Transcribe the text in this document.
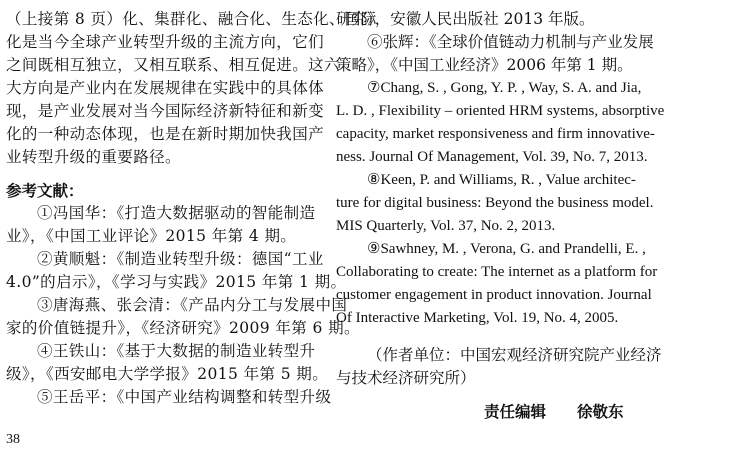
（上接第 8 页）化、集群化、融合化、生态化、国际
化是当今全球产业转型升级的主流方向，它们
之间既相互独立，又相互联系、相互促进。这六
大方向是产业内在发展规律在实践中的具体体
现，是产业发展对当今国际经济新特征和新变
化的一种动态体现，也是在新时期加快我国产
业转型升级的重要路径。
参考文献：
①冯国华：《打造大数据驱动的智能制造
业》，《中国工业评论》2015 年第 4 期。
②黄顺魁：《制造业转型升级：德国“工业
4.0”的启示》，《学习与实践》2015 年第 1 期。
③唐海燕、张会清：《产品内分工与发展中国
家的价值链提升》，《经济研究》2009 年第 6 期。
④王铁山：《基于大数据的制造业转型升
级》，《西安邮电大学学报》2015 年第 5 期。
⑤王岳平：《中国产业结构调整和转型升级
研究》，安徽人民出版社 2013 年版。
⑥张辉：《全球价值链动力机制与产业发展
策略》，《中国工业经济》2006 年第 1 期。
⑦Chang, S. , Gong, Y. P. , Way, S. A. and Jia,
L. D. , Flexibility – oriented HRM systems, absorptive
capacity, market responsiveness and firm innovative-
ness. Journal Of Management, Vol. 39, No. 7, 2013.
⑧Keen, P. and Williams, R. , Value architec-
ture for digital business: Beyond the business model.
MIS Quarterly, Vol. 37, No. 2, 2013.
⑨Sawhney, M. , Verona, G. and Prandelli, E. ,
Collaborating to create: The internet as a platform for
customer engagement in product innovation. Journal
Of Interactive Marketing, Vol. 19, No. 4, 2005.
（作者单位：中国宏观经济研究院产业经济
与技术经济研究所）
责任编辑　　徐敬东
38
